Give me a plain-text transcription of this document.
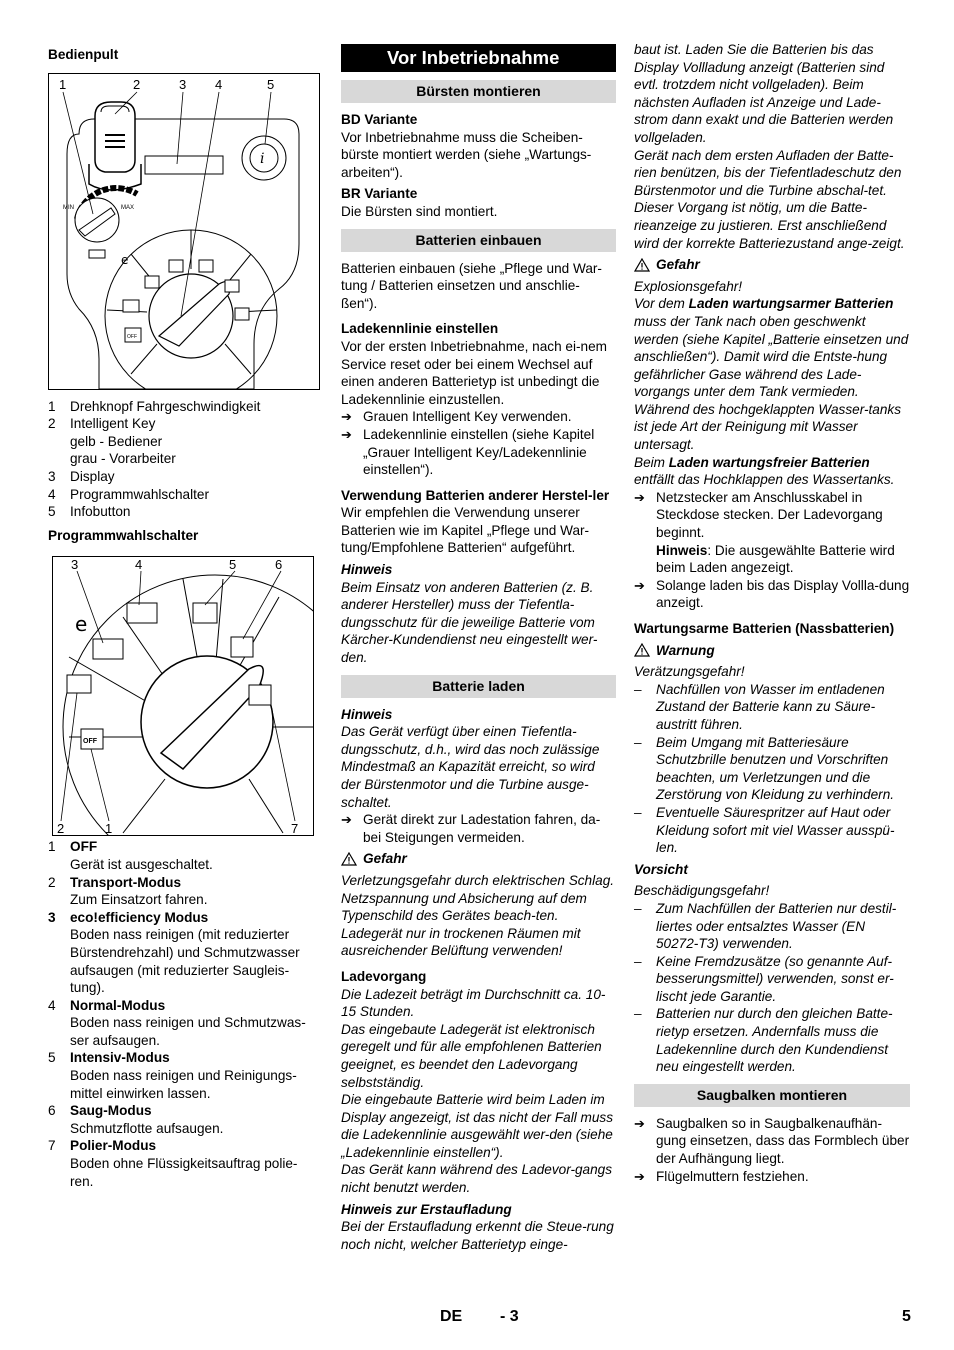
Bedienpult
i
MIN	MAX
OFF
e
1	2	3 4	5
1	Drehknopf Fahrgeschwindigkeit
2	Intelligent Key
gelb - Bediener
grau - Vorarbeiter
3	Display
4	Programmwahlschalter
5	Infobutton
Programmwahlschalter
OFF
e
3	4	5	6
2	1	7
1	OFF
Gerät ist ausgeschaltet.
2	Transport-Modus
Zum Einsatzort fahren.
3	eco!efficiency Modus
Boden nass reinigen (mit reduzierter Bürstendrehzahl) und Schmutzwasser aufsaugen (mit reduzierter Saugleis-tung).
4	Normal-Modus
Boden nass reinigen und Schmutzwas-ser aufsaugen.
5	Intensiv-Modus
Boden nass reinigen und Reinigungs-mittel einwirken lassen.
6	Saug-Modus
Schmutzflotte aufsaugen.
7	Polier-Modus
Boden ohne Flüssigkeitsauftrag polie-ren.
Vor Inbetriebnahme
Bürsten montieren
BD Variante
Vor Inbetriebnahme muss die Scheiben-bürste montiert werden (siehe „Wartungs-arbeiten“).
BR Variante
Die Bürsten sind montiert.
Batterien einbauen
Batterien einbauen (siehe „Pflege und War-tung / Batterien einsetzen und anschlie-ßen“).
Ladekennlinie einstellen
Vor der ersten Inbetriebnahme, nach ei-nem Service reset oder bei einem Wechsel auf einen anderen Batterietyp ist unbedingt die Ladekennlinie einzustellen.
➔ Grauen Intelligent Key verwenden.
➔ Ladekennlinie einstellen (siehe Kapitel „Grauer Intelligent Key/Ladekennlinie einstellen“).
Verwendung Batterien anderer Herstel-ler
Wir empfehlen die Verwendung unserer Batterien wie im Kapitel „Pflege und War-tung/Empfohlene Batterien“ aufgeführt.
Hinweis
Beim Einsatz von anderen Batterien (z. B. anderer Hersteller) muss der Tiefentla-dungsschutz für die jeweilige Batterie vom Kärcher-Kundendienst neu eingestellt wer-den.
Batterie laden
Hinweis
Das Gerät verfügt über einen Tiefentla-dungsschutz, d.h., wird das noch zulässige Mindestmaß an Kapazität erreicht, so wird der Bürstenmotor und die Turbine ausge-schaltet.
➔ Gerät direkt zur Ladestation fahren, da-bei Steigungen vermeiden.
Gefahr
Verletzungsgefahr durch elektrischen Schlag. Netzspannung und Absicherung auf dem Typenschild des Gerätes beach-ten.
Ladegerät nur in trockenen Räumen mit ausreichender Belüftung verwenden!
Ladevorgang
Die Ladezeit beträgt im Durchschnitt ca. 10-15 Stunden.
Das eingebaute Ladegerät ist elektronisch geregelt und für alle empfohlenen Batterien geeignet, es beendet den Ladevorgang selbstständig.
Die eingebaute Batterie wird beim Laden im Display angezeigt, ist das nicht der Fall muss die Ladekennlinie ausgewählt wer-den (siehe „Ladekennlinie einstellen“).
Das Gerät kann während des Ladevor-gangs nicht benutzt werden.
Hinweis zur Erstaufladung
Bei der Erstaufladung erkennt die Steue-rung noch nicht, welcher Batterietyp einge-
baut ist. Laden Sie die Batterien bis das Display Vollladung anzeigt (Batterien sind evtl. trotzdem nicht vollgeladen). Beim nächsten Aufladen ist Anzeige und Lade-strom dann exakt und die Batterien werden vollgeladen.
Gerät nach dem ersten Aufladen der Batte-rien benützen, bis der Tiefentladeschutz den Bürstenmotor und die Turbine abschal-tet. Dieser Vorgang ist nötig, um die Batte-rieanzeige zu justieren. Erst anschließend wird der korrekte Batteriezustand ange-zeigt.
Gefahr
Explosionsgefahr!
Vor dem Laden wartungsarmer Batterien muss der Tank nach oben geschwenkt werden (siehe Kapitel „Batterie einsetzen und anschließen“). Damit wird die Entste-hung gefährlicher Gase während des Lade-vorgangs unter dem Tank vermieden. Während des hochgeklappten Wasser-tanks ist jede Art der Reinigung mit Wasser untersagt.
Beim Laden wartungsfreier Batterien entfällt das Hochklappen des Wassertanks.
➔ Netzstecker am Anschlusskabel in Steckdose stecken. Der Ladevorgang beginnt.
Hinweis: Die ausgewählte Batterie wird beim Laden angezeigt.
➔ Solange laden bis das Display Vollla-dung anzeigt.
Wartungsarme Batterien (Nassbatterien)
Warnung
Verätzungsgefahr!
–	Nachfüllen von Wasser im entladenen Zustand der Batterie kann zu Säure-austritt führen.
–	Beim Umgang mit Batteriesäure Schutzbrille benutzen und Vorschriften beachten, um Verletzungen und die Zerstörung von Kleidung zu verhindern.
–	Eventuelle Säurespritzer auf Haut oder Kleidung sofort mit viel Wasser ausspü-len.
Vorsicht
Beschädigungsgefahr!
–	Zum Nachfüllen der Batterien nur destil-liertes oder entsalztes Wasser (EN 50272-T3) verwenden.
–	Keine Fremdzusätze (so genannte Auf-besserungsmittel) verwenden, sonst er-lischt jede Garantie.
–	Batterien nur durch den gleichen Batte-rietyp ersetzen. Andernfalls muss die Ladekennline durch den Kundendienst neu eingestellt werden.
Saugbalken montieren
➔ Saugbalken so in Saugbalkenaufhän-gung einsetzen, dass das Formblech über der Aufhängung liegt.
➔ Flügelmuttern festziehen.
DE - 3	5
